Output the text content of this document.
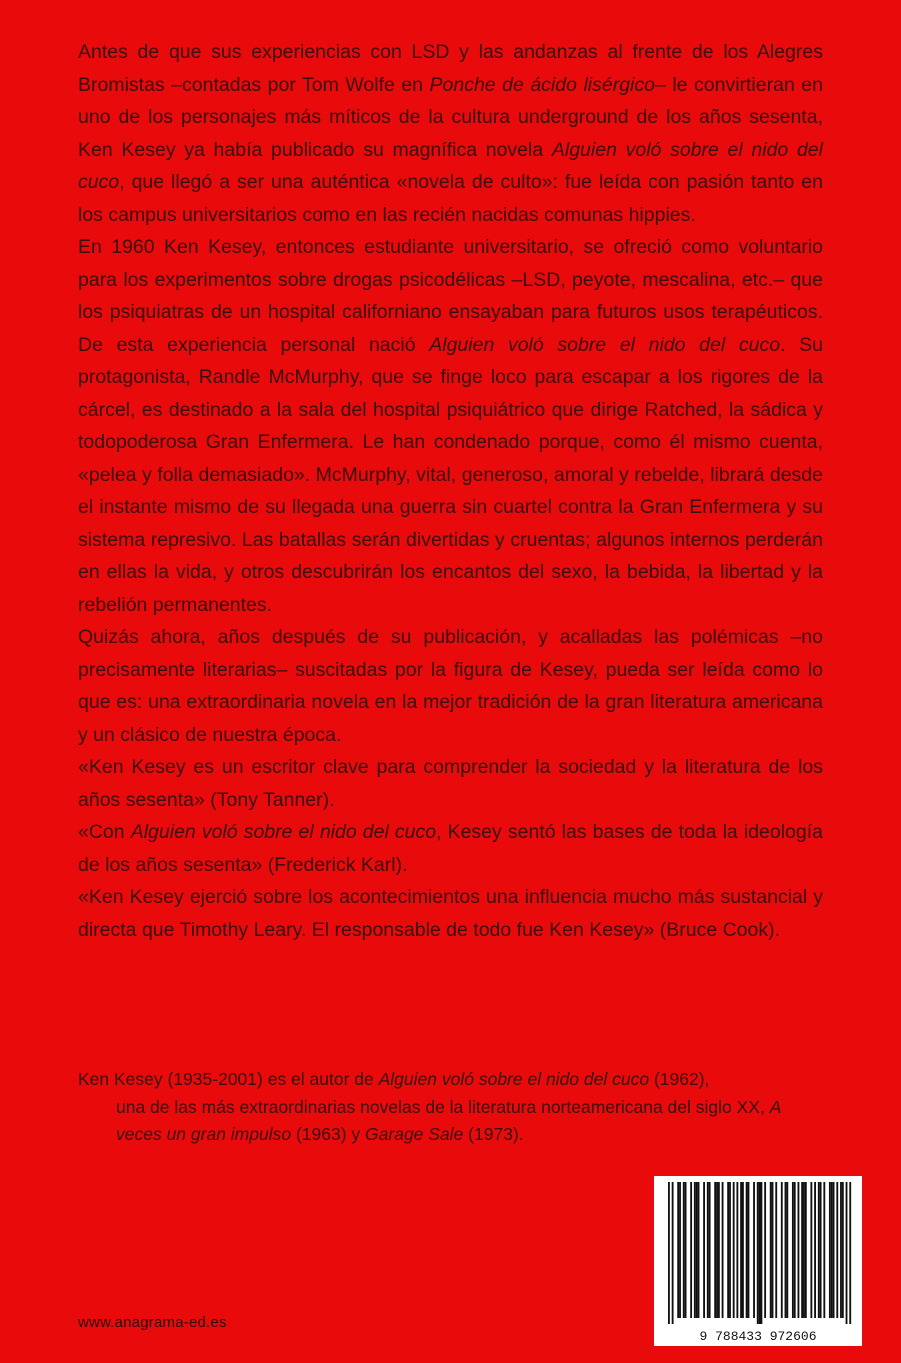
Antes de que sus experiencias con LSD y las andanzas al frente de los Alegres Bromistas –contadas por Tom Wolfe en Ponche de ácido lisérgico– le convirtieran en uno de los personajes más míticos de la cultura underground de los años sesenta, Ken Kesey ya había publicado su magnífica novela Alguien voló sobre el nido del cuco, que llegó a ser una auténtica «novela de culto»: fue leída con pasión tanto en los campus universitarios como en las recién nacidas comunas hippies.

En 1960 Ken Kesey, entonces estudiante universitario, se ofreció como voluntario para los experimentos sobre drogas psicodélicas –LSD, peyote, mescalina, etc.– que los psiquiatras de un hospital californiano ensayaban para futuros usos terapéuticos. De esta experiencia personal nació Alguien voló sobre el nido del cuco. Su protagonista, Randle McMurphy, que se finge loco para escapar a los rigores de la cárcel, es destinado a la sala del hospital psiquiátrico que dirige Ratched, la sádica y todopoderosa Gran Enfermera. Le han condenado porque, como él mismo cuenta, «pelea y folla demasiado». McMurphy, vital, generoso, amoral y rebelde, librará desde el instante mismo de su llegada una guerra sin cuartel contra la Gran Enfermera y su sistema represivo. Las batallas serán divertidas y cruentas; algunos internos perderán en ellas la vida, y otros descubrirán los encantos del sexo, la bebida, la libertad y la rebelión permanentes.

Quizás ahora, años después de su publicación, y acalladas las polémicas –no precisamente literarias– suscitadas por la figura de Kesey, pueda ser leída como lo que es: una extraordinaria novela en la mejor tradición de la gran literatura americana y un clásico de nuestra época.

«Ken Kesey es un escritor clave para comprender la sociedad y la literatura de los años sesenta» (Tony Tanner).

«Con Alguien voló sobre el nido del cuco, Kesey sentó las bases de toda la ideología de los años sesenta» (Frederick Karl).

«Ken Kesey ejerció sobre los acontecimientos una influencia mucho más sustancial y directa que Timothy Leary. El responsable de todo fue Ken Kesey» (Bruce Cook).

Ken Kesey (1935-2001) es el autor de Alguien voló sobre el nido del cuco (1962),
una de las más extraordinarias novelas de la literatura norteamericana del siglo XX, A veces un gran impulso (1963) y Garage Sale (1973).

www.anagrama-ed.es
9 788433 972606
